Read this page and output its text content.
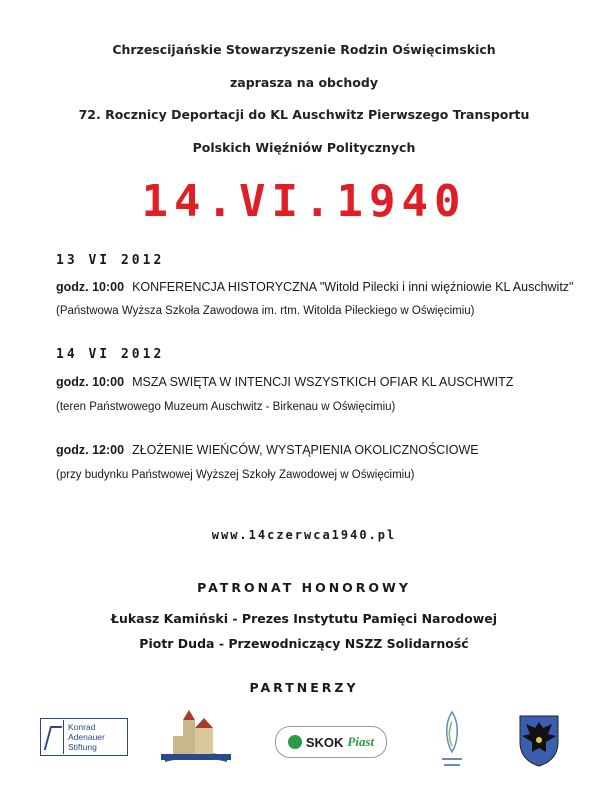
Chrzescijańskie Stowarzyszenie Rodzin Oświęcimskich
zaprasza na obchody
72. Rocznicy Deportacji do KL Auschwitz Pierwszego Transportu
Polskich Więźniów Politycznych
14.VI.1940
13 VI 2012
godz. 10:00 KONFERENCJA HISTORYCZNA "Witold Pilecki i inni więźniowie KL Auschwitz"
(Państwowa Wyższa Szkoła Zawodowa im. rtm. Witolda Pileckiego w Oświęcimiu)
14 VI 2012
godz. 10:00 MSZA SWIĘTA W INTENCJI WSZYSTKICH OFIAR KL AUSCHWITZ
(teren Państwowego Muzeum Auschwitz - Birkenau w Oświęcimiu)
godz. 12:00 ZŁOŻENIE WIEŃCÓW, WYSTĄPIENIA OKOLICZNOŚCIOWE
(przy budynku Państwowej Wyższej Szkoły Zawodowej w Oświęcimiu)
www.14czerwca1940.pl
PATRONAT HONOROWY
Łukasz Kamiński - Prezes Instytutu Pamięci Narodowej
Piotr Duda - Przewodniczący NSZZ Solidarność
PARTNERZY
Konrad
Adenauer
Stiftung	SKOK Piast
